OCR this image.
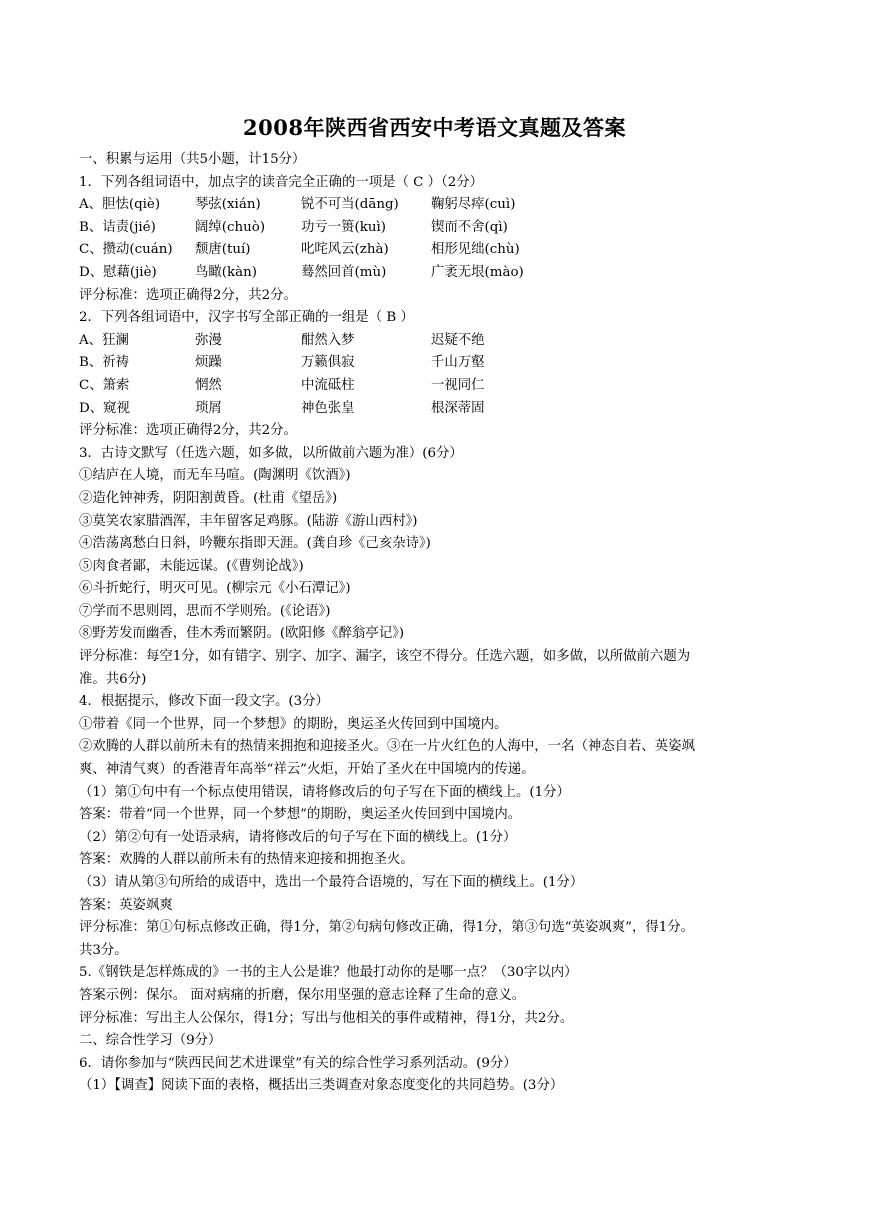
2008年陕西省西安中考语文真题及答案
一、积累与运用（共5小题，计15分）
1．下列各组词语中，加点字的读音完全正确的一项是（ C ）（2分）
A、胆怯(qiè)	琴弦(xián)	锐不可当(dāng) 鞠躬尽瘁(cuì)
B、诘责(jié)	阔绰(chuò)	功亏一篑(kuì)	锲而不舍(qì)
C、攒动(cuán) 颓唐(tuí)	叱咤风云(zhà)	相形见绌(chù)
D、慰藉(jiè)	鸟瞰(kàn)	蓦然回首(mù)	广袤无垠(mào)
评分标准：选项正确得2分，共2分。
2．下列各组词语中，汉字书写全部正确的一组是（ B ）
A、狂澜	弥漫	酣然入梦	迟疑不绝
B、祈祷	烦躁	万籁俱寂	千山万壑
C、箫索	惘然	中流砥柱	一视同仁
D、窥视	琐屑	神色张皇	根深蒂固
评分标准：选项正确得2分，共2分。
3．古诗文默写（任选六题，如多做，以所做前六题为准）(6分）
①结庐在人境，而无车马喧。(陶渊明《饮酒》)
②造化钟神秀，阴阳割黄昏。(杜甫《望岳》)
③莫笑农家腊酒浑，丰年留客足鸡豚。(陆游《游山西村》)
④浩荡离愁白日斜，吟鞭东指即天涯。(龚自珍《己亥杂诗》)
⑤肉食者鄙，未能远谋。(《曹刿论战》)
⑥斗折蛇行，明灭可见。(柳宗元《小石潭记》)
⑦学而不思则罔，思而不学则殆。(《论语》)
⑧野芳发而幽香，佳木秀而繁阴。(欧阳修《醉翁亭记》)
评分标准：每空1分，如有错字、别字、加字、漏字，该空不得分。任选六题，如多做，以所做前六题为
准。共6分)
4．根据提示，修改下面一段文字。(3分）
①带着《同一个世界，同一个梦想》的期盼，奥运圣火传回到中国境内。
②欢腾的人群以前所未有的热情来拥抱和迎接圣火。③在一片火红色的人海中，一名（神态自若、英姿飒
爽、神清气爽）的香港青年高举“祥云”火炬，开始了圣火在中国境内的传递。
（1）第①句中有一个标点使用错误，请将修改后的句子写在下面的横线上。(1分）
答案：带着“同一个世界，同一个梦想”的期盼，奥运圣火传回到中国境内。
（2）第②句有一处语录病，请将修改后的句子写在下面的横线上。(1分）
答案：欢腾的人群以前所未有的热情来迎接和拥抱圣火。
（3）请从第③句所给的成语中，选出一个最符合语境的，写在下面的横线上。(1分）
答案：英姿飒爽
评分标准：第①句标点修改正确，得1分，第②句病句修改正确，得1分，第③句选“英姿飒爽”，得1分。
共3分。
5.《钢铁是怎样炼成的》一书的主人公是谁？他最打动你的是哪一点？（30字以内）
答案示例：保尔。 面对病痛的折磨，保尔用坚强的意志诠释了生命的意义。
评分标准：写出主人公保尔，得1分；写出与他相关的事件或精神，得1分，共2分。
二、综合性学习（9分）
6．请你参加与“陕西民间艺术进课堂”有关的综合性学习系列活动。(9分）
（1）【调查】阅读下面的表格，概括出三类调查对象态度变化的共同趋势。(3分）
